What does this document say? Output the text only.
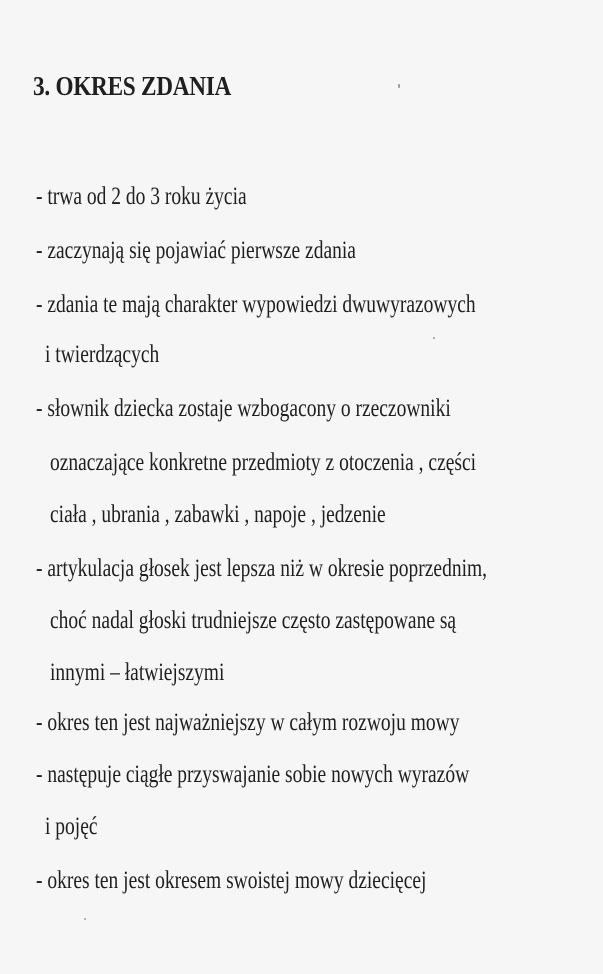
3. OKRES ZDANIA
- trwa od 2 do 3 roku życia
- zaczynają się pojawiać pierwsze zdania
- zdania te mają charakter wypowiedzi dwuwyrazowych
i twierdzących
- słownik dziecka zostaje wzbogacony o rzeczowniki
oznaczające konkretne przedmioty z otoczenia , części
ciała , ubrania , zabawki , napoje , jedzenie
- artykulacja głosek jest lepsza niż w okresie poprzednim,
choć nadal głoski trudniejsze często zastępowane są
innymi – łatwiejszymi
- okres ten jest najważniejszy w całym rozwoju mowy
- następuje ciągłe przyswajanie sobie nowych wyrazów
i pojęć
- okres ten jest okresem swoistej mowy dziecięcej
